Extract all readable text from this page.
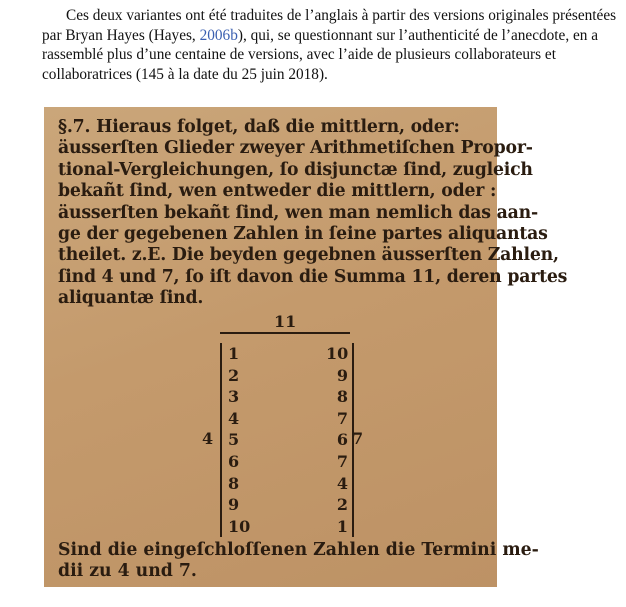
Ces deux variantes ont été traduites de l’anglais à partir des versions originales présentées par Bryan Hayes (Hayes, 2006b), qui, se questionnant sur l’authenticité de l’anecdote, en a rassemblé plus d’une centaine de versions, avec l’aide de plusieurs collaborateurs et collaboratrices (145 à la date du 25 juin 2018).
§.7. Hieraus folget, daß die mittlern, oder:
äusserſten Glieder zweyer Arithmetiſchen Propor-
tional-Vergleichungen, ſo disjunctæ ſind, zugleich
bekañt ſind, wen entweder die mittlern, oder :
äusserſten bekañt ſind, wen man nemlich das aan-
ge der gegebenen Zahlen in ſeine partes aliquantas
theilet. z.E. Die beyden gegebnen äusserſten Zahlen,
ſind 4 und 7, ſo iſt davon die Summa 11, deren partes
aliquantæ ſind.
11
1
2
3
4
5
6
8
9
10
10
9
8
7
6
7
4
2
1
4	7
Sind die eingeſchloſſenen Zahlen die Termini me-
dii zu 4 und 7.
